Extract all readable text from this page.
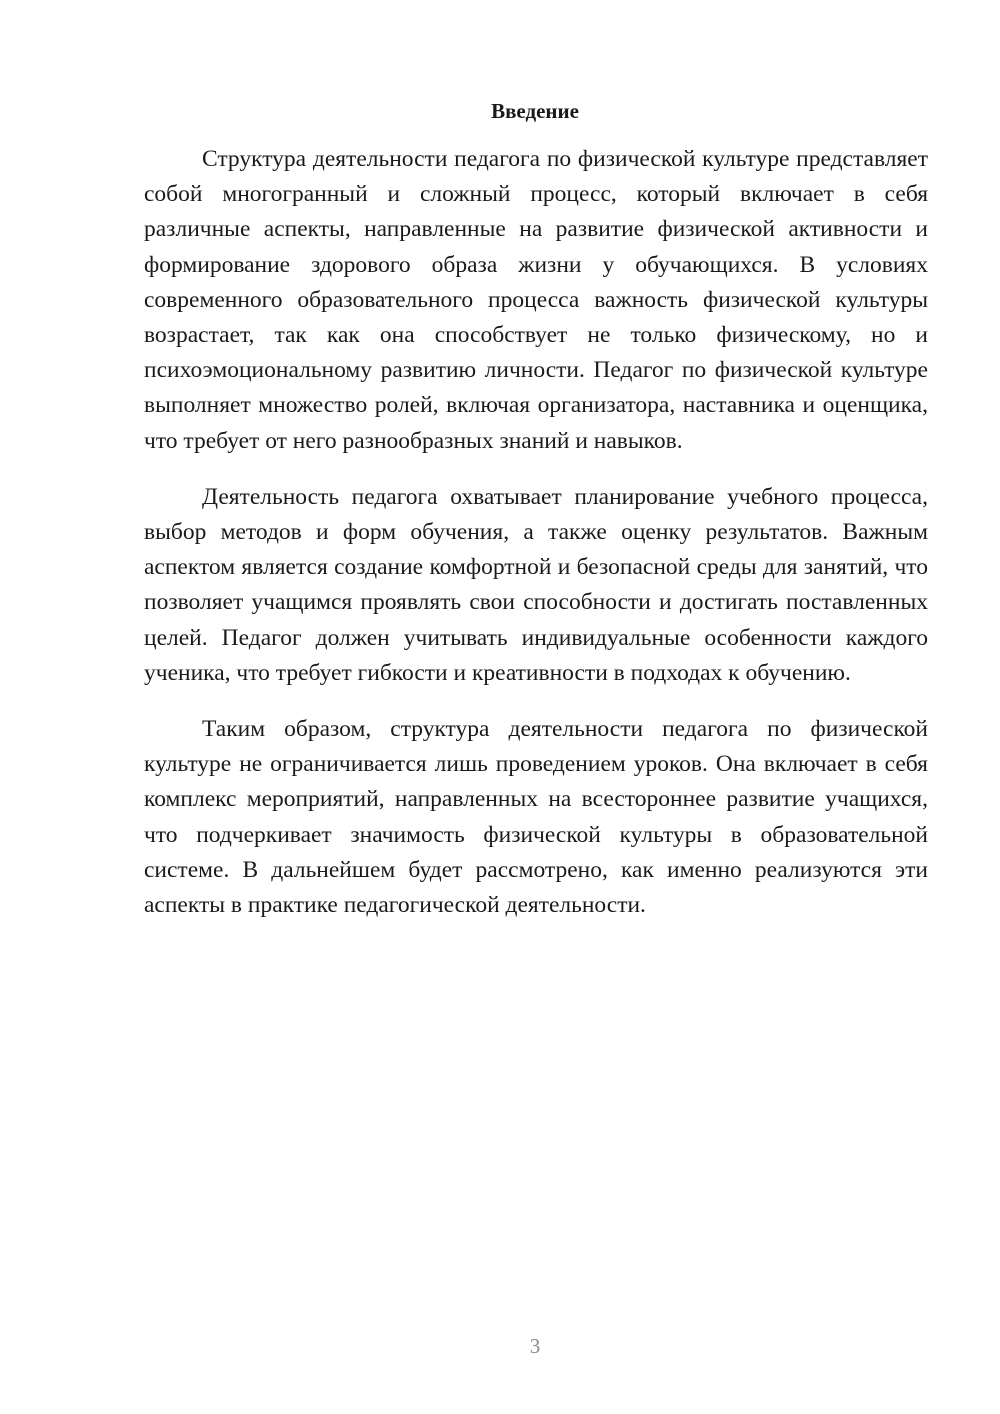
Введение

Структура деятельности педагога по физической культуре представляет собой многогранный и сложный процесс, который включает в себя различные аспекты, направленные на развитие физической активности и формирование здорового образа жизни у обучающихся. В условиях современного образовательного процесса важность физической культуры возрастает, так как она способствует не только физическому, но и психоэмоциональному развитию личности. Педагог по физической культуре выполняет множество ролей, включая организатора, наставника и оценщика, что требует от него разнообразных знаний и навыков.

Деятельность педагога охватывает планирование учебного процесса, выбор методов и форм обучения, а также оценку результатов. Важным аспектом является создание комфортной и безопасной среды для занятий, что позволяет учащимся проявлять свои способности и достигать поставленных целей. Педагог должен учитывать индивидуальные особенности каждого ученика, что требует гибкости и креативности в подходах к обучению.

Таким образом, структура деятельности педагога по физической культуре не ограничивается лишь проведением уроков. Она включает в себя комплекс мероприятий, направленных на всестороннее развитие учащихся, что подчеркивает значимость физической культуры в образовательной системе. В дальнейшем будет рассмотрено, как именно реализуются эти аспекты в практике педагогической деятельности.

3
